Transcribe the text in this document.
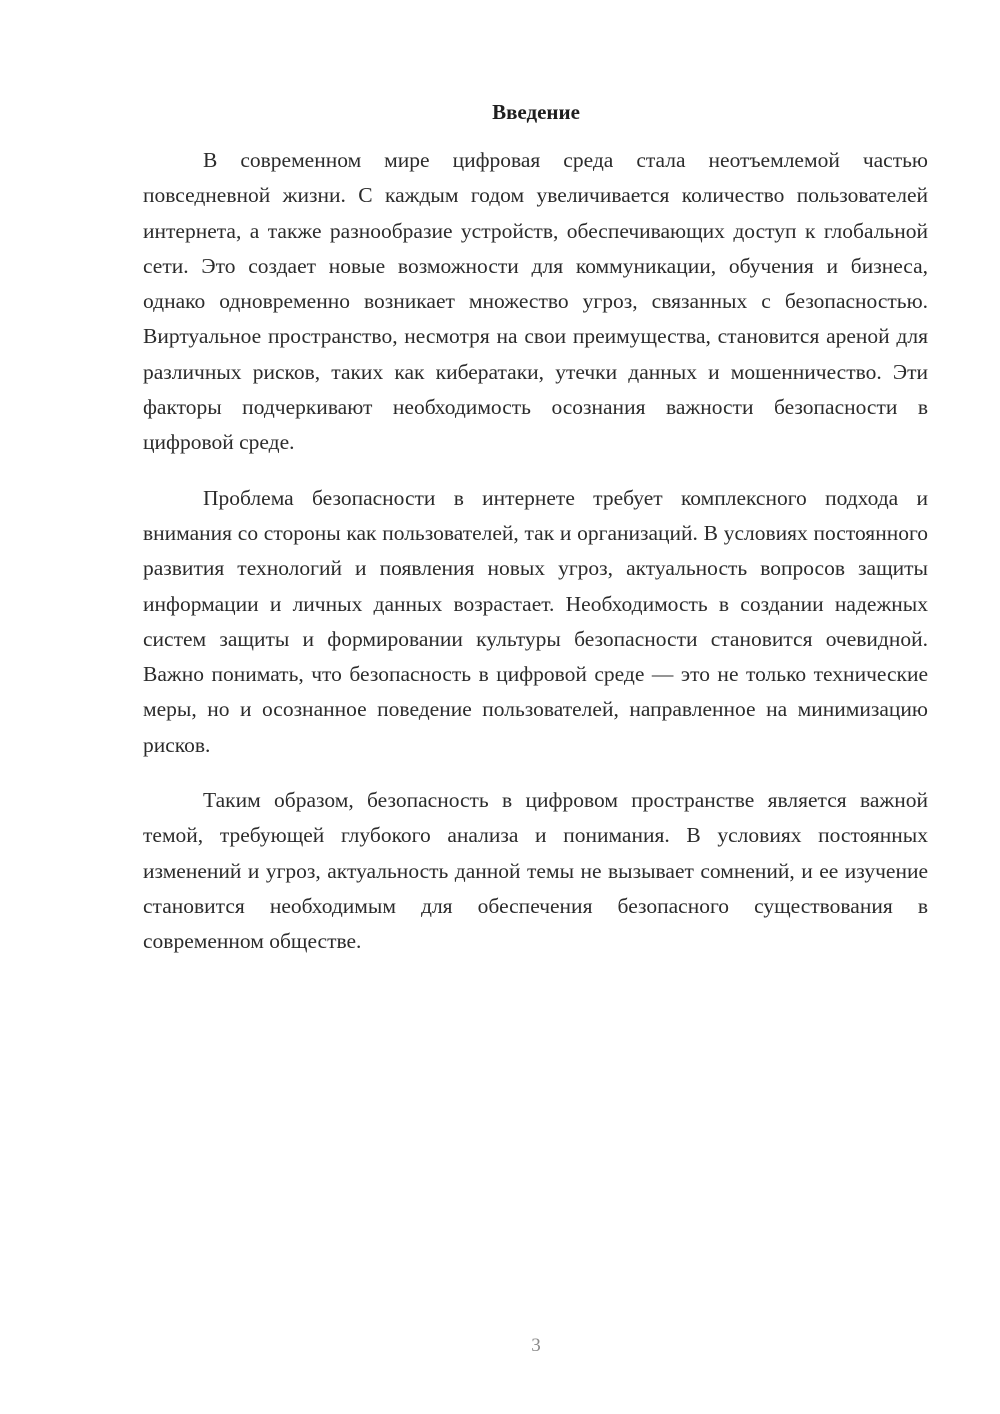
Введение

В современном мире цифровая среда стала неотъемлемой частью повседневной жизни. С каждым годом увеличивается количество пользователей интернета, а также разнообразие устройств, обеспечивающих доступ к глобальной сети. Это создает новые возможности для коммуникации, обучения и бизнеса, однако одновременно возникает множество угроз, связанных с безопасностью. Виртуальное пространство, несмотря на свои преимущества, становится ареной для различных рисков, таких как кибератаки, утечки данных и мошенничество. Эти факторы подчеркивают необходимость осознания важности безопасности в цифровой среде.

Проблема безопасности в интернете требует комплексного подхода и внимания со стороны как пользователей, так и организаций. В условиях постоянного развития технологий и появления новых угроз, актуальность вопросов защиты информации и личных данных возрастает. Необходимость в создании надежных систем защиты и формировании культуры безопасности становится очевидной. Важно понимать, что безопасность в цифровой среде — это не только технические меры, но и осознанное поведение пользователей, направленное на минимизацию рисков.

Таким образом, безопасность в цифровом пространстве является важной темой, требующей глубокого анализа и понимания. В условиях постоянных изменений и угроз, актуальность данной темы не вызывает сомнений, и ее изучение становится необходимым для обеспечения безопасного существования в современном обществе.

3
